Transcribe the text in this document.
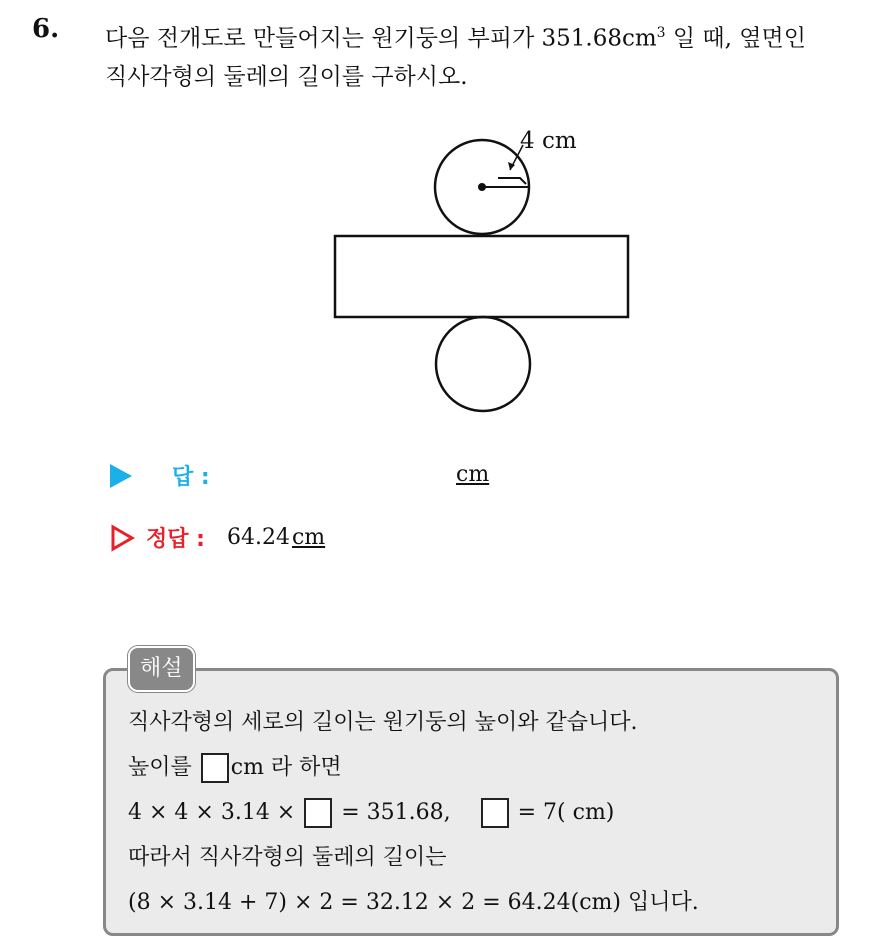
6. 다음 전개도로 만들어지는 원기둥의 부피가 $351.68cm^3$ 일 때, 옆면인
직사각형의 둘레의 길이를 구하시오.
4 cm
답 :	cm
정답 : 64.24cm
해설
직사각형의 세로의 길이는 원기둥의 높이와 같습니다.
높이를 cm 라 하면
4 × 4 × 3.14 ×  = 351.68,     = 7( cm)
따라서 직사각형의 둘레의 길이는
(8 × 3.14 + 7) × 2 = 32.12 × 2 = 64.24(cm) 입니다.
